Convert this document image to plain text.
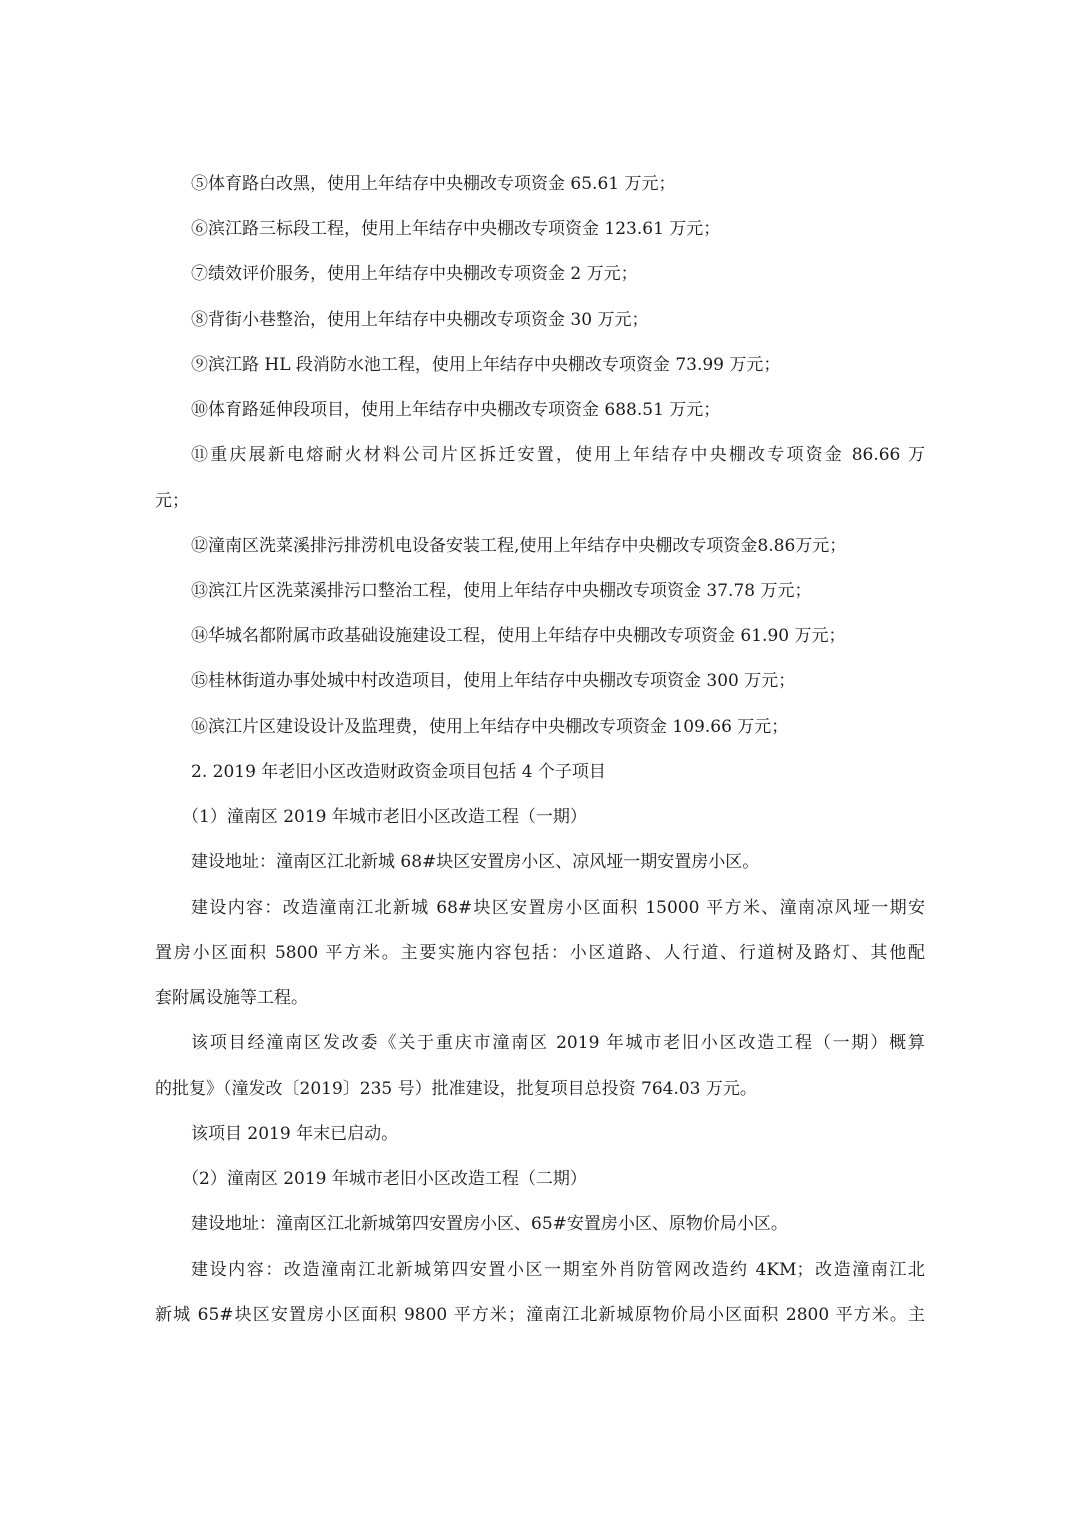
⑤体育路白改黑，使用上年结存中央棚改专项资金 65.61 万元；
⑥滨江路三标段工程，使用上年结存中央棚改专项资金 123.61 万元；
⑦绩效评价服务，使用上年结存中央棚改专项资金 2 万元；
⑧背街小巷整治，使用上年结存中央棚改专项资金 30 万元；
⑨滨江路 HL 段消防水池工程，使用上年结存中央棚改专项资金 73.99 万元；
⑩体育路延伸段项目，使用上年结存中央棚改专项资金 688.51 万元；
⑪重庆展新电熔耐火材料公司片区拆迁安置，使用上年结存中央棚改专项资金 86.66 万
元；
⑫潼南区洗菜溪排污排涝机电设备安装工程,使用上年结存中央棚改专项资金8.86万元；
⑬滨江片区洗菜溪排污口整治工程，使用上年结存中央棚改专项资金 37.78 万元；
⑭华城名都附属市政基础设施建设工程，使用上年结存中央棚改专项资金 61.90 万元；
⑮桂林街道办事处城中村改造项目，使用上年结存中央棚改专项资金 300 万元；
⑯滨江片区建设设计及监理费，使用上年结存中央棚改专项资金 109.66 万元；
2. 2019 年老旧小区改造财政资金项目包括 4 个子项目
（1）潼南区 2019 年城市老旧小区改造工程（一期）
建设地址：潼南区江北新城 68#块区安置房小区、凉风垭一期安置房小区。
建设内容：改造潼南江北新城 68#块区安置房小区面积 15000 平方米、潼南凉风垭一期安
置房小区面积 5800 平方米。主要实施内容包括：小区道路、人行道、行道树及路灯、其他配
套附属设施等工程。
该项目经潼南区发改委《关于重庆市潼南区 2019 年城市老旧小区改造工程（一期）概算
的批复》（潼发改〔2019〕235 号）批准建设，批复项目总投资 764.03 万元。
该项目 2019 年末已启动。
（2）潼南区 2019 年城市老旧小区改造工程（二期）
建设地址：潼南区江北新城第四安置房小区、65#安置房小区、原物价局小区。
建设内容：改造潼南江北新城第四安置小区一期室外肖防管网改造约 4KM；改造潼南江北
新城 65#块区安置房小区面积 9800 平方米；潼南江北新城原物价局小区面积 2800 平方米。主
